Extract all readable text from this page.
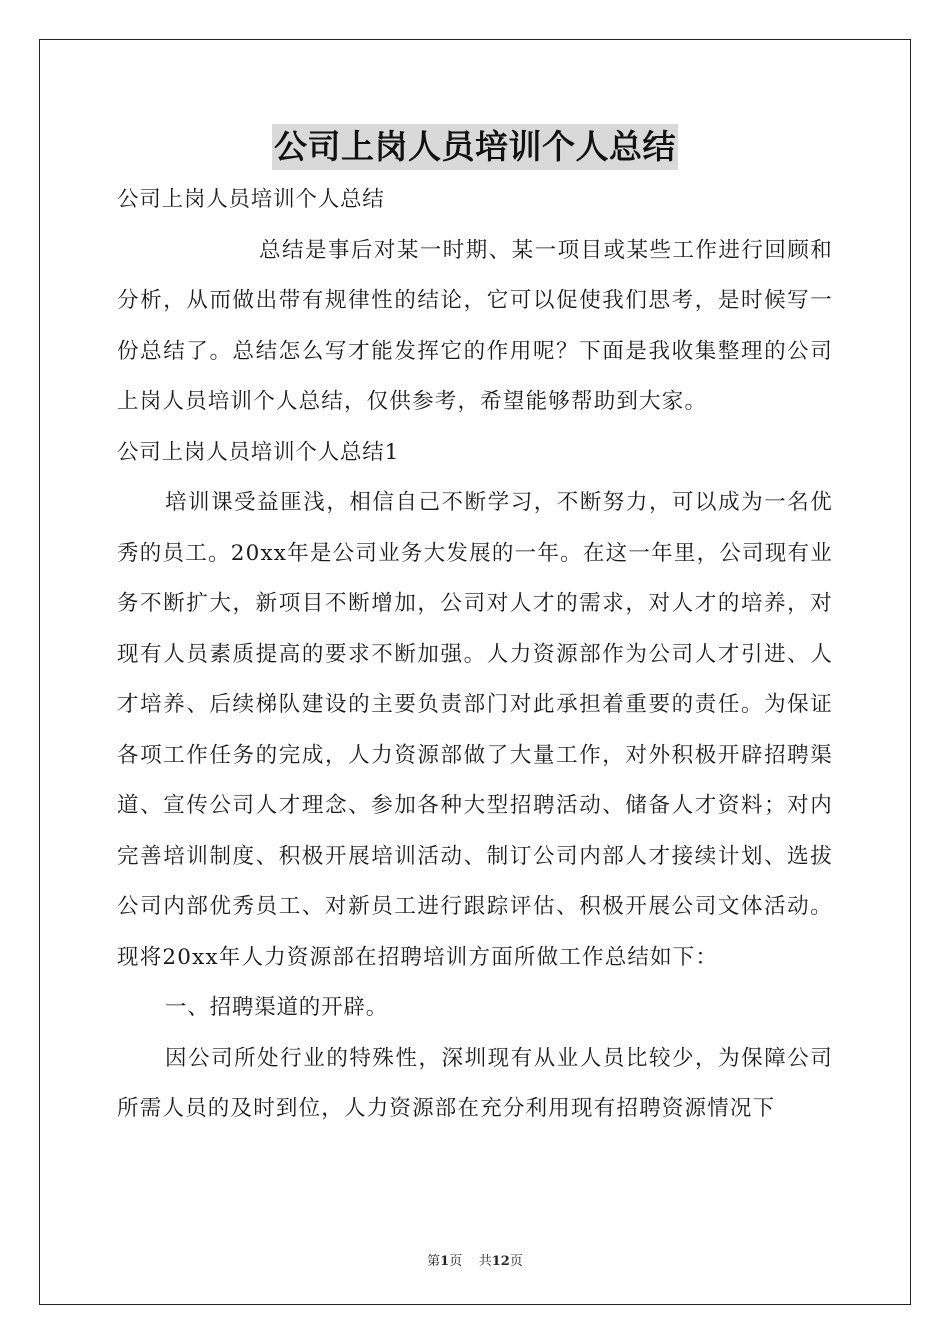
公司上岗人员培训个人总结

公司上岗人员培训个人总结

总结是事后对某一时期、某一项目或某些工作进行回顾和分析，从而做出带有规律性的结论，它可以促使我们思考，是时候写一份总结了。总结怎么写才能发挥它的作用呢？下面是我收集整理的公司上岗人员培训个人总结，仅供参考，希望能够帮助到大家。

公司上岗人员培训个人总结1

培训课受益匪浅，相信自己不断学习，不断努力，可以成为一名优秀的员工。20xx年是公司业务大发展的一年。在这一年里，公司现有业务不断扩大，新项目不断增加，公司对人才的需求，对人才的培养，对现有人员素质提高的要求不断加强。人力资源部作为公司人才引进、人才培养、后续梯队建设的主要负责部门对此承担着重要的责任。为保证各项工作任务的完成，人力资源部做了大量工作，对外积极开辟招聘渠道、宣传公司人才理念、参加各种大型招聘活动、储备人才资料；对内完善培训制度、积极开展培训活动、制订公司内部人才接续计划、选拔公司内部优秀员工、对新员工进行跟踪评估、积极开展公司文体活动。现将20xx年人力资源部在招聘培训方面所做工作总结如下：

一、招聘渠道的开辟。

因公司所处行业的特殊性，深圳现有从业人员比较少，为保障公司所需人员的及时到位，人力资源部在充分利用现有招聘资源情况下

第1页 共12页
